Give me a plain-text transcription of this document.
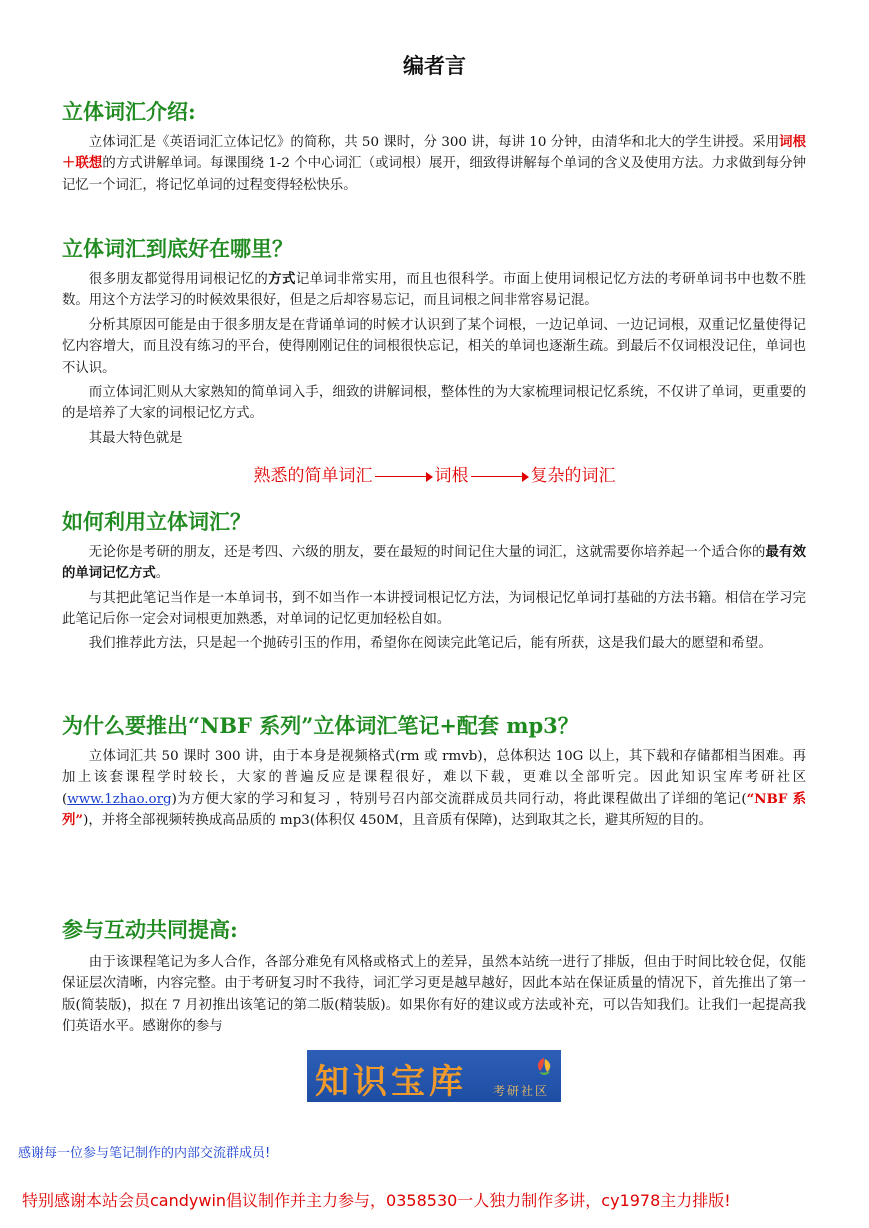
编者言
立体词汇介绍:

立体词汇是《英语词汇立体记忆》的简称，共 50 课时，分 300 讲，每讲 10 分钟，由清华和北大的学生讲授。采用词根＋联想的方式讲解单词。每课围绕 1-2 个中心词汇（或词根）展开，细致得讲解每个单词的含义及使用方法。力求做到每分钟记忆一个词汇，将记忆单词的过程变得轻松快乐。

立体词汇到底好在哪里？

很多朋友都觉得用词根记忆的方式记单词非常实用，而且也很科学。市面上使用词根记忆方法的考研单词书中也数不胜数。用这个方法学习的时候效果很好，但是之后却容易忘记，而且词根之间非常容易记混。

分析其原因可能是由于很多朋友是在背诵单词的时候才认识到了某个词根，一边记单词、一边记词根，双重记忆量使得记忆内容增大，而且没有练习的平台，使得刚刚记住的词根很快忘记，相关的单词也逐渐生疏。到最后不仅词根没记住，单词也不认识。

而立体词汇则从大家熟知的简单词入手，细致的讲解词根，整体性的为大家梳理词根记忆系统，不仅讲了单词，更重要的的是培养了大家的词根记忆方式。

其最大特色就是

熟悉的简单词汇	词根	复杂的词汇
如何利用立体词汇？

无论你是考研的朋友，还是考四、六级的朋友，要在最短的时间记住大量的词汇，这就需要你培养起一个适合你的最有效的单词记忆方式。

与其把此笔记当作是一本单词书，到不如当作一本讲授词根记忆方法，为词根记忆单词打基础的方法书籍。相信在学习完此笔记后你一定会对词根更加熟悉，对单词的记忆更加轻松自如。

我们推荐此方法，只是起一个抛砖引玉的作用，希望你在阅读完此笔记后，能有所获，这是我们最大的愿望和希望。

为什么要推出“NBF 系列”立体词汇笔记+配套 mp3？

立体词汇共 50 课时 300 讲，由于本身是视频格式(rm 或 rmvb)，总体积达 10G 以上，其下载和存储都相当困难。再加上该套课程学时较长，大家的普遍反应是课程很好，难以下载，更难以全部听完。因此知识宝库考研社区(www.1zhao.org)为方便大家的学习和复习 ，特别号召内部交流群成员共同行动，将此课程做出了详细的笔记(“NBF 系列”)，并将全部视频转换成高品质的 mp3(体积仅 450M，且音质有保障)，达到取其之长，避其所短的目的。

参与互动共同提高:

由于该课程笔记为多人合作，各部分难免有风格或格式上的差异，虽然本站统一进行了排版，但由于时间比较仓促，仅能保证层次清晰，内容完整。由于考研复习时不我待，词汇学习更是越早越好，因此本站在保证质量的情况下，首先推出了第一版(简装版)，拟在 7 月初推出该笔记的第二版(精装版)。如果你有好的建议或方法或补充，可以告知我们。让我们一起提高我们英语水平。感谢你的参与

知识宝库 考研社区
感谢每一位参与笔记制作的内部交流群成员!
特别感谢本站会员candywin倡议制作并主力参与，0358530一人独力制作多讲，cy1978主力排版!
